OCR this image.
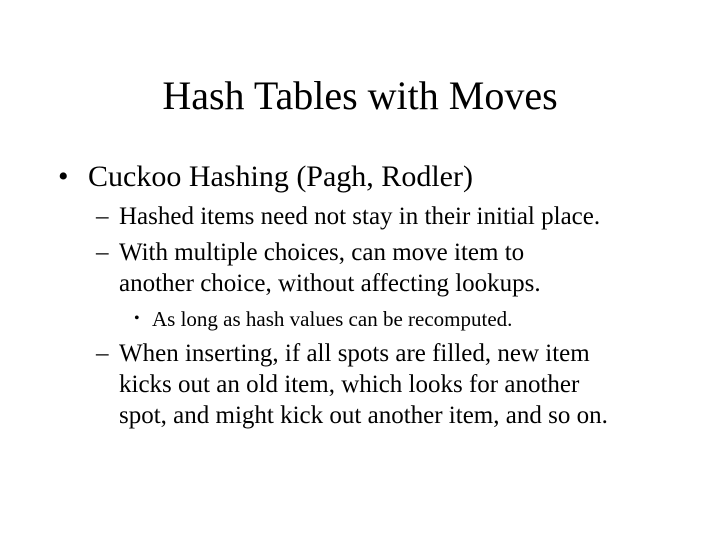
Hash Tables with Moves
• Cuckoo Hashing (Pagh, Rodler)
– Hashed items need not stay in their initial place.
– With multiple choices, can move item to
another choice, without affecting lookups.
• As long as hash values can be recomputed.
– When inserting, if all spots are filled, new item
kicks out an old item, which looks for another
spot, and might kick out another item, and so on.
